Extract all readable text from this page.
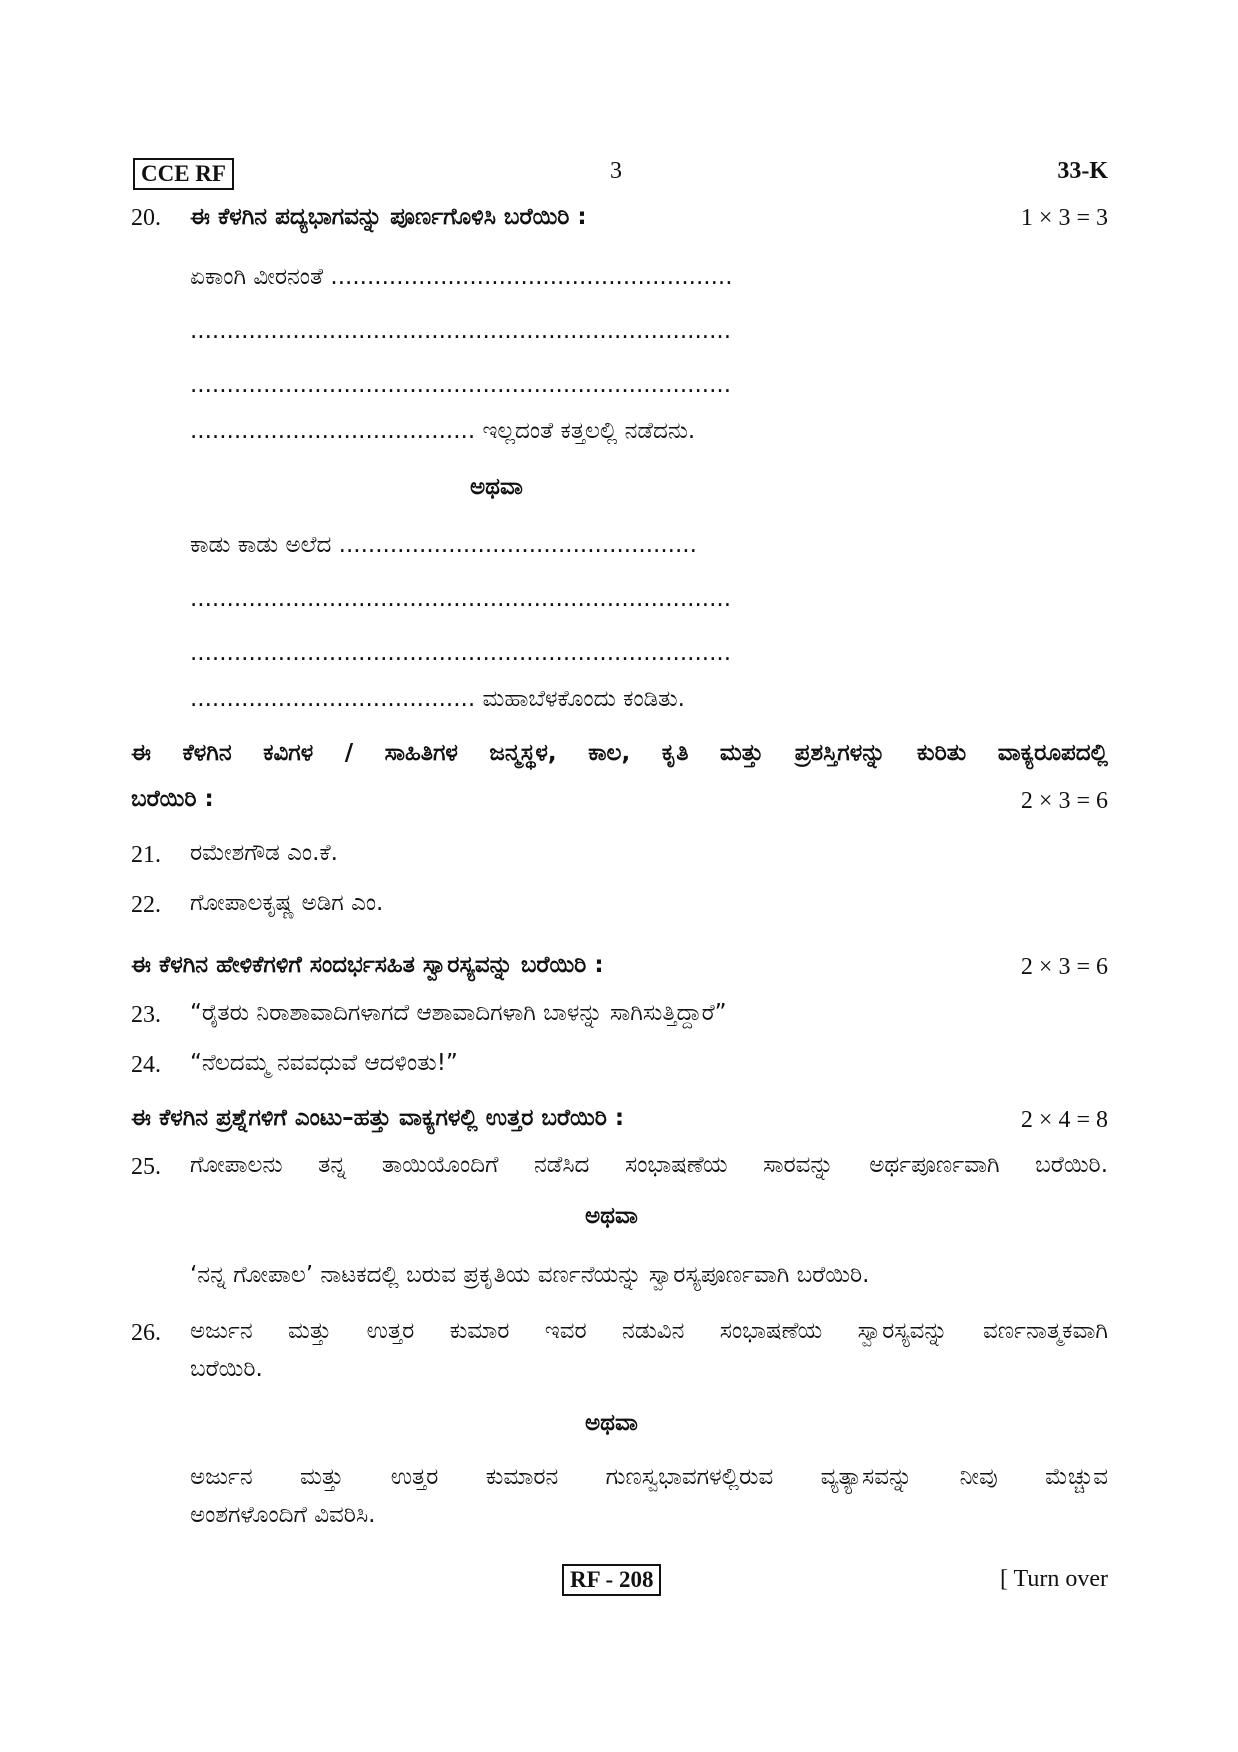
CCE RF	3	33-K
20. ಈ ಕೆಳಗಿನ ಪದ್ಯಭಾಗವನ್ನು ಪೂರ್ಣಗೊಳಿಸಿ ಬರೆಯಿರಿ :	1 × 3 = 3
ಏಕಾಂಗಿ ವೀರನಂತೆ .......................................................
..........................................................................
..........................................................................
....................................... ಇಲ್ಲದಂತೆ ಕತ್ತಲಲ್ಲಿ ನಡೆದನು.
ಅಥವಾ
ಕಾಡು ಕಾಡು ಅಲೆದ .................................................
..........................................................................
..........................................................................
....................................... ಮಹಾಬೆಳಕೊಂದು ಕಂಡಿತು.
ಈ ಕೆಳಗಿನ ಕವಿಗಳ / ಸಾಹಿತಿಗಳ ಜನ್ಮಸ್ಥಳ, ಕಾಲ, ಕೃತಿ ಮತ್ತು ಪ್ರಶಸ್ತಿಗಳನ್ನು ಕುರಿತು ವಾಕ್ಯರೂಪದಲ್ಲಿ
ಬರೆಯಿರಿ :	2 × 3 = 6
21. ರಮೇಶಗೌಡ ಎಂ.ಕೆ.
22. ಗೋಪಾಲಕೃಷ್ಣ ಅಡಿಗ ಎಂ.
ಈ ಕೆಳಗಿನ ಹೇಳಿಕೆಗಳಿಗೆ ಸಂದರ್ಭಸಹಿತ ಸ್ವಾರಸ್ಯವನ್ನು ಬರೆಯಿರಿ :	2 × 3 = 6
23. “ರೈತರು ನಿರಾಶಾವಾದಿಗಳಾಗದೆ ಆಶಾವಾದಿಗಳಾಗಿ ಬಾಳನ್ನು ಸಾಗಿಸುತ್ತಿದ್ದಾರೆ”
24. “ನೆಲದಮ್ಮ ನವವಧುವೆ ಆದಳಿಂತು!”
ಈ ಕೆಳಗಿನ ಪ್ರಶ್ನೆಗಳಿಗೆ ಎಂಟು–ಹತ್ತು ವಾಕ್ಯಗಳಲ್ಲಿ ಉತ್ತರ ಬರೆಯಿರಿ :	2 × 4 = 8
25. ಗೋಪಾಲನು ತನ್ನ ತಾಯಿಯೊಂದಿಗೆ ನಡೆಸಿದ ಸಂಭಾಷಣೆಯ ಸಾರವನ್ನು ಅರ್ಥಪೂರ್ಣವಾಗಿ ಬರೆಯಿರಿ.
ಅಥವಾ
‘ನನ್ನ ಗೋಪಾಲ’ ನಾಟಕದಲ್ಲಿ ಬರುವ ಪ್ರಕೃತಿಯ ವರ್ಣನೆಯನ್ನು ಸ್ವಾರಸ್ಯಪೂರ್ಣವಾಗಿ ಬರೆಯಿರಿ.
26. ಅರ್ಜುನ ಮತ್ತು ಉತ್ತರ ಕುಮಾರ ಇವರ ನಡುವಿನ ಸಂಭಾಷಣೆಯ ಸ್ವಾರಸ್ಯವನ್ನು ವರ್ಣನಾತ್ಮಕವಾಗಿ
ಬರೆಯಿರಿ.
ಅಥವಾ
ಅರ್ಜುನ ಮತ್ತು ಉತ್ತರ ಕುಮಾರನ ಗುಣಸ್ವಭಾವಗಳಲ್ಲಿರುವ ವ್ಯತ್ಯಾಸವನ್ನು ನೀವು ಮೆಚ್ಚುವ
ಅಂಶಗಳೊಂದಿಗೆ ವಿವರಿಸಿ.
RF - 208	[ Turn over
